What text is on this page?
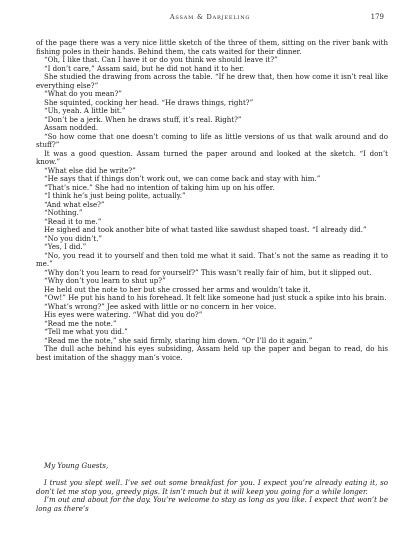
Assam & Darjeeling	179

of the page there was a very nice little sketch of the three of them, sitting on the river bank with fishing poles in their hands. Behind them, the cats waited for their dinner.

“Oh, I like that. Can I have it or do you think we should leave it?”

“I don’t care,” Assam said, but he did not hand it to her.

She studied the drawing from across the table. “If he drew that, then how come it isn’t real like everything else?”

“What do you mean?”

She squinted, cocking her head. “He draws things, right?”

“Uh, yeah. A little bit.”

“Don’t be a jerk. When he draws stuff, it’s real. Right?”

Assam nodded.

“So how come that one doesn’t coming to life as little versions of us that walk around and do stuff?”

It was a good question. Assam turned the paper around and looked at the sketch. “I don’t know.”

“What else did he write?”

“He says that if things don’t work out, we can come back and stay with him.”

“That’s nice.” She had no intention of taking him up on his offer.

“I think he’s just being polite, actually.”

“And what else?”

“Nothing.”

“Read it to me.”

He sighed and took another bite of what tasted like sawdust shaped toast. “I already did.”

“No you didn’t.”

“Yes, I did.”

“No, you read it to yourself and then told me what it said. That’s not the same as reading it to me.”

“Why don’t you learn to read for yourself?” This wasn’t really fair of him, but it slipped out.

“Why don’t you learn to shut up?”

He held out the note to her but she crossed her arms and wouldn’t take it.

“Ow!” He put his hand to his forehead. It felt like someone had just stuck a spike into his brain.

“What’s wrong?” Jee asked with little or no concern in her voice.

His eyes were watering. “What did you do?”

“Read me the note.”

“Tell me what you did.”

“Read me the note,” she said firmly, staring him down. “Or I’ll do it again.”

The dull ache behind his eyes subsiding, Assam held up the paper and began to read, do his best imitation of the shaggy man’s voice.

My Young Guests,

I trust you slept well. I’ve set out some breakfast for you. I expect you’re already eating it, so don’t let me stop you, greedy pigs. It isn’t much but it will keep you going for a while longer.

I’m out and about for the day. You’re welcome to stay as long as you like. I expect that won’t be long as there’s
